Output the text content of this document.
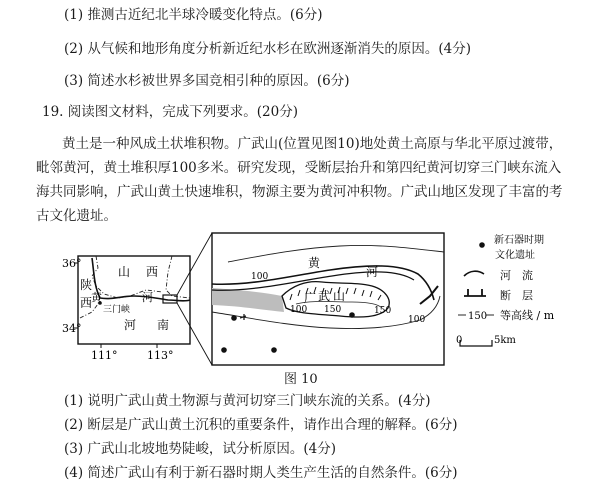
(1) 推测古近纪北半球冷暖变化特点。(6分)
(2) 从气候和地形角度分析新近纪水杉在欧洲逐渐消失的原因。(4分)
(3) 简述水杉被世界多国竞相引种的原因。(6分)
19. 阅读图文材料，完成下列要求。(20分)
黄土是一种风成土状堆积物。广武山(位置见图10)地处黄土高原与华北平原过渡带，
毗邻黄河，黄土堆积厚100多米。研究发现，受断层抬升和第四纪黄河切穿三门峡东流入
海共同影响，广武山黄土快速堆积，物源主要为黄河冲积物。广武山地区发现了丰富的考
古文化遗址。
36°
34°
111°	113°
陕
西
山 西
河 南
黄	河
三门峡
黄
河
广 武 山
100
100 150	150
100
新石器时期
文化遗址
河　流
断　层
150 等高线 / m
0	5km
图 10
(1) 说明广武山黄土物源与黄河切穿三门峡东流的关系。(4分)
(2) 断层是广武山黄土沉积的重要条件，请作出合理的解释。(6分)
(3) 广武山北坡地势陡峻，试分析原因。(4分)
(4) 简述广武山有利于新石器时期人类生产生活的自然条件。(6分)
